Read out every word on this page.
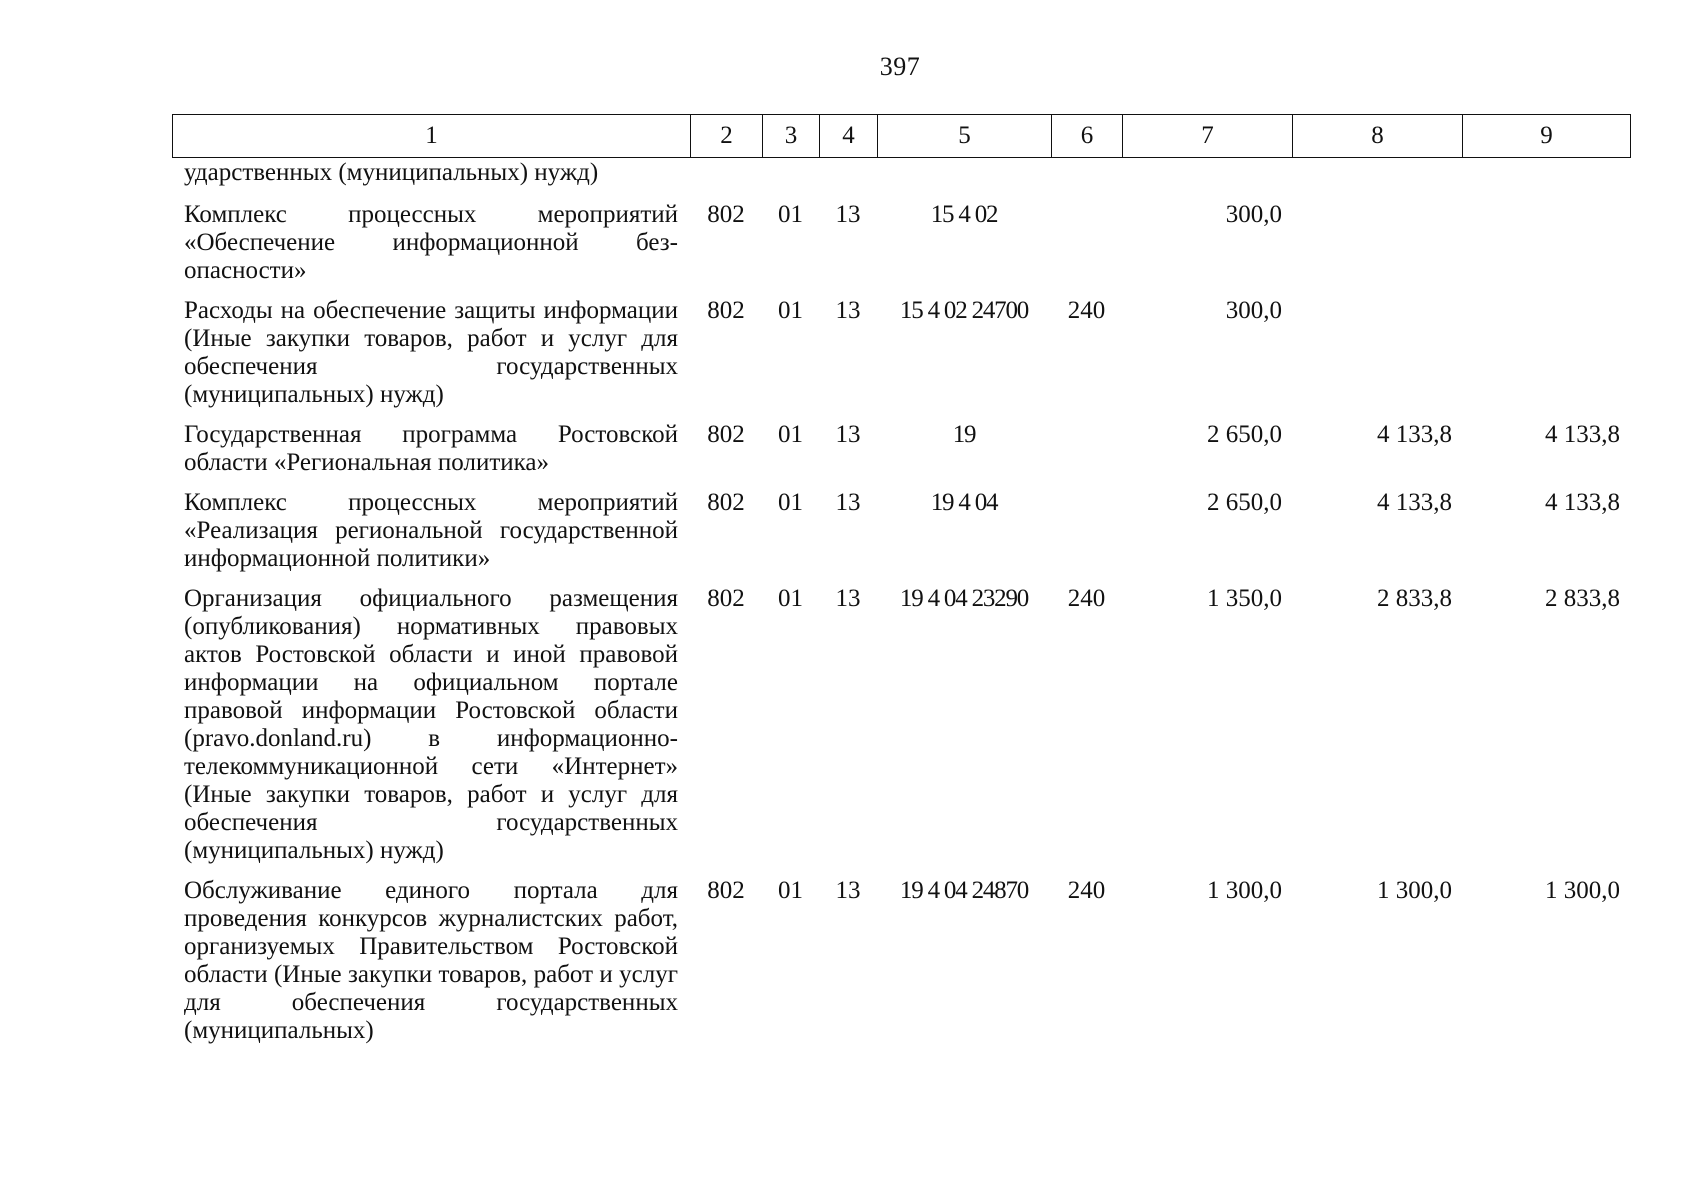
397
1	2	3	4	5	6	7	8	9
ударственных (муниципальных) нужд)								
Комплекс процессных мероприятий «Обеспечение информационной безопасности»	802	01	13	15 4 02		300,0		
Расходы на обеспечение защиты информации (Иные закупки товаров, работ и услуг для обеспечения государственных (муниципальных) нужд)	802	01	13	15 4 02 24700	240	300,0		
Государственная программа Ростовской области «Региональная политика»	802	01	13	19		2 650,0	4 133,8	4 133,8
Комплекс процессных мероприятий «Реализация региональной государственной информационной политики»	802	01	13	19 4 04		2 650,0	4 133,8	4 133,8
Организация официального размещения (опубликования) нормативных правовых актов Ростовской области и иной правовой информации на официальном портале правовой информации Ростовской области (pravo.donland.ru) в информационно-телекоммуникационной сети «Интернет» (Иные закупки товаров, работ и услуг для обеспечения государственных (муниципальных) нужд)	802	01	13	19 4 04 23290	240	1 350,0	2 833,8	2 833,8
Обслуживание единого портала для проведения конкурсов журналистских работ, организуемых Правительством Ростовской области (Иные закупки товаров, работ и услуг для обеспечения государственных (муниципальных)	802	01	13	19 4 04 24870	240	1 300,0	1 300,0	1 300,0
